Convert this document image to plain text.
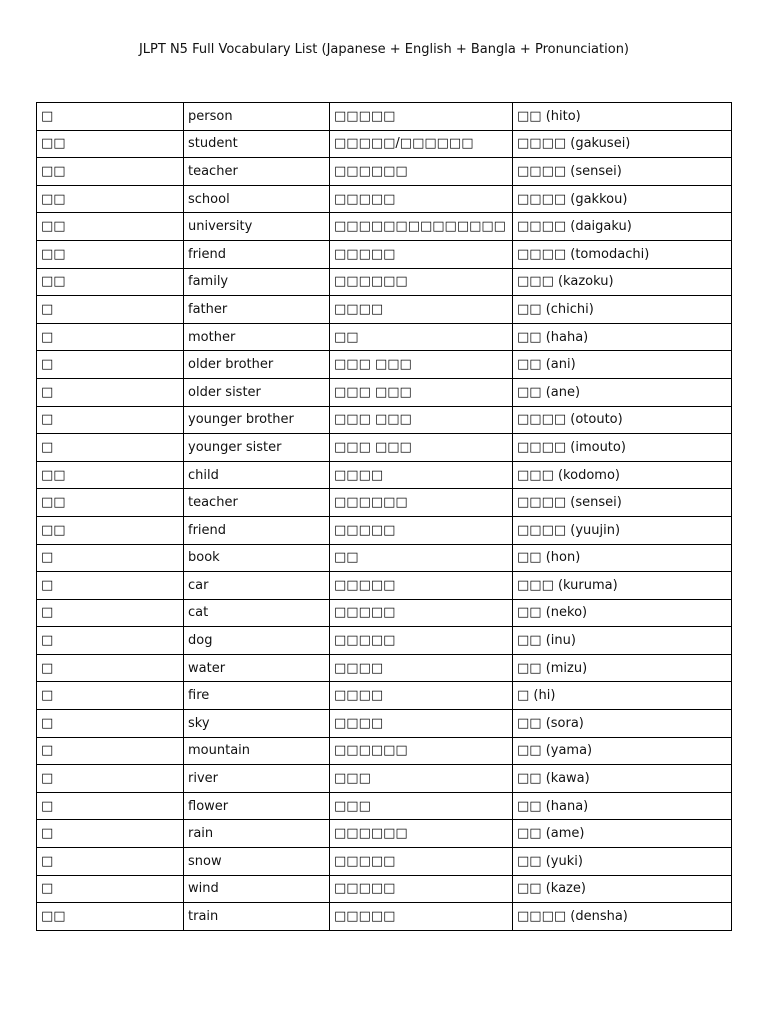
JLPT N5 Full Vocabulary List (Japanese + English + Bangla + Pronunciation)
□	person	□□□□□	□□ (hito)
□□	student	□□□□□/□□□□□□	□□□□ (gakusei)
□□	teacher	□□□□□□	□□□□ (sensei)
□□	school	□□□□□	□□□□ (gakkou)
□□	university	□□□□□□□□□□□□□□	□□□□ (daigaku)
□□	friend	□□□□□	□□□□ (tomodachi)
□□	family	□□□□□□	□□□ (kazoku)
□	father	□□□□	□□ (chichi)
□	mother	□□	□□ (haha)
□	older brother	□□□ □□□	□□ (ani)
□	older sister	□□□ □□□	□□ (ane)
□	younger brother	□□□ □□□	□□□□ (otouto)
□	younger sister	□□□ □□□	□□□□ (imouto)
□□	child	□□□□	□□□ (kodomo)
□□	teacher	□□□□□□	□□□□ (sensei)
□□	friend	□□□□□	□□□□ (yuujin)
□	book	□□	□□ (hon)
□	car	□□□□□	□□□ (kuruma)
□	cat	□□□□□	□□ (neko)
□	dog	□□□□□	□□ (inu)
□	water	□□□□	□□ (mizu)
□	fire	□□□□	□ (hi)
□	sky	□□□□	□□ (sora)
□	mountain	□□□□□□	□□ (yama)
□	river	□□□	□□ (kawa)
□	flower	□□□	□□ (hana)
□	rain	□□□□□□	□□ (ame)
□	snow	□□□□□	□□ (yuki)
□	wind	□□□□□	□□ (kaze)
□□	train	□□□□□	□□□□ (densha)
